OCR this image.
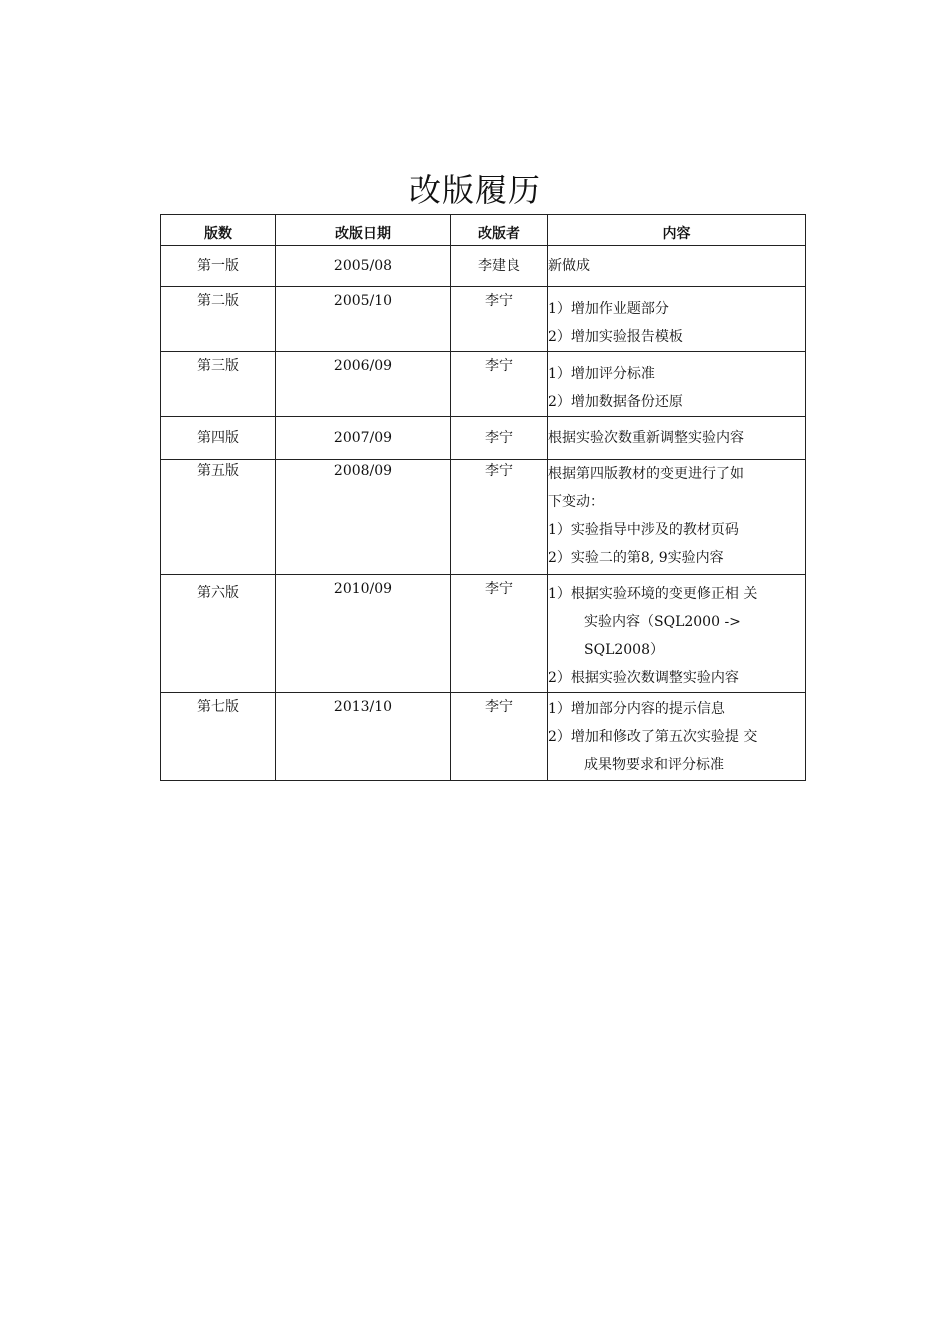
改版履历
版数	改版日期	改版者	内容
第一版	2005/08	李建良	新做成

第二版	2005/10	李宁	1）增加作业题部分
2）增加实验报告模板

第三版	2006/09	李宁	1）增加评分标准
2）增加数据备份还原

第四版	2007/09	李宁	根据实验次数重新调整实验内容

第五版	2008/09	李宁	根据第四版教材的变更进行了如
下变动：
1）实验指导中涉及的教材页码
2）实验二的第8, 9实验内容

第六版	2010/09	李宁	1）根据实验环境的变更修正相 关
实验内容（SQL2000 ->
SQL2008）
2）根据实验次数调整实验内容

第七版	2013/10	李宁	1）增加部分内容的提示信息
2）增加和修改了第五次实验提 交
成果物要求和评分标准
